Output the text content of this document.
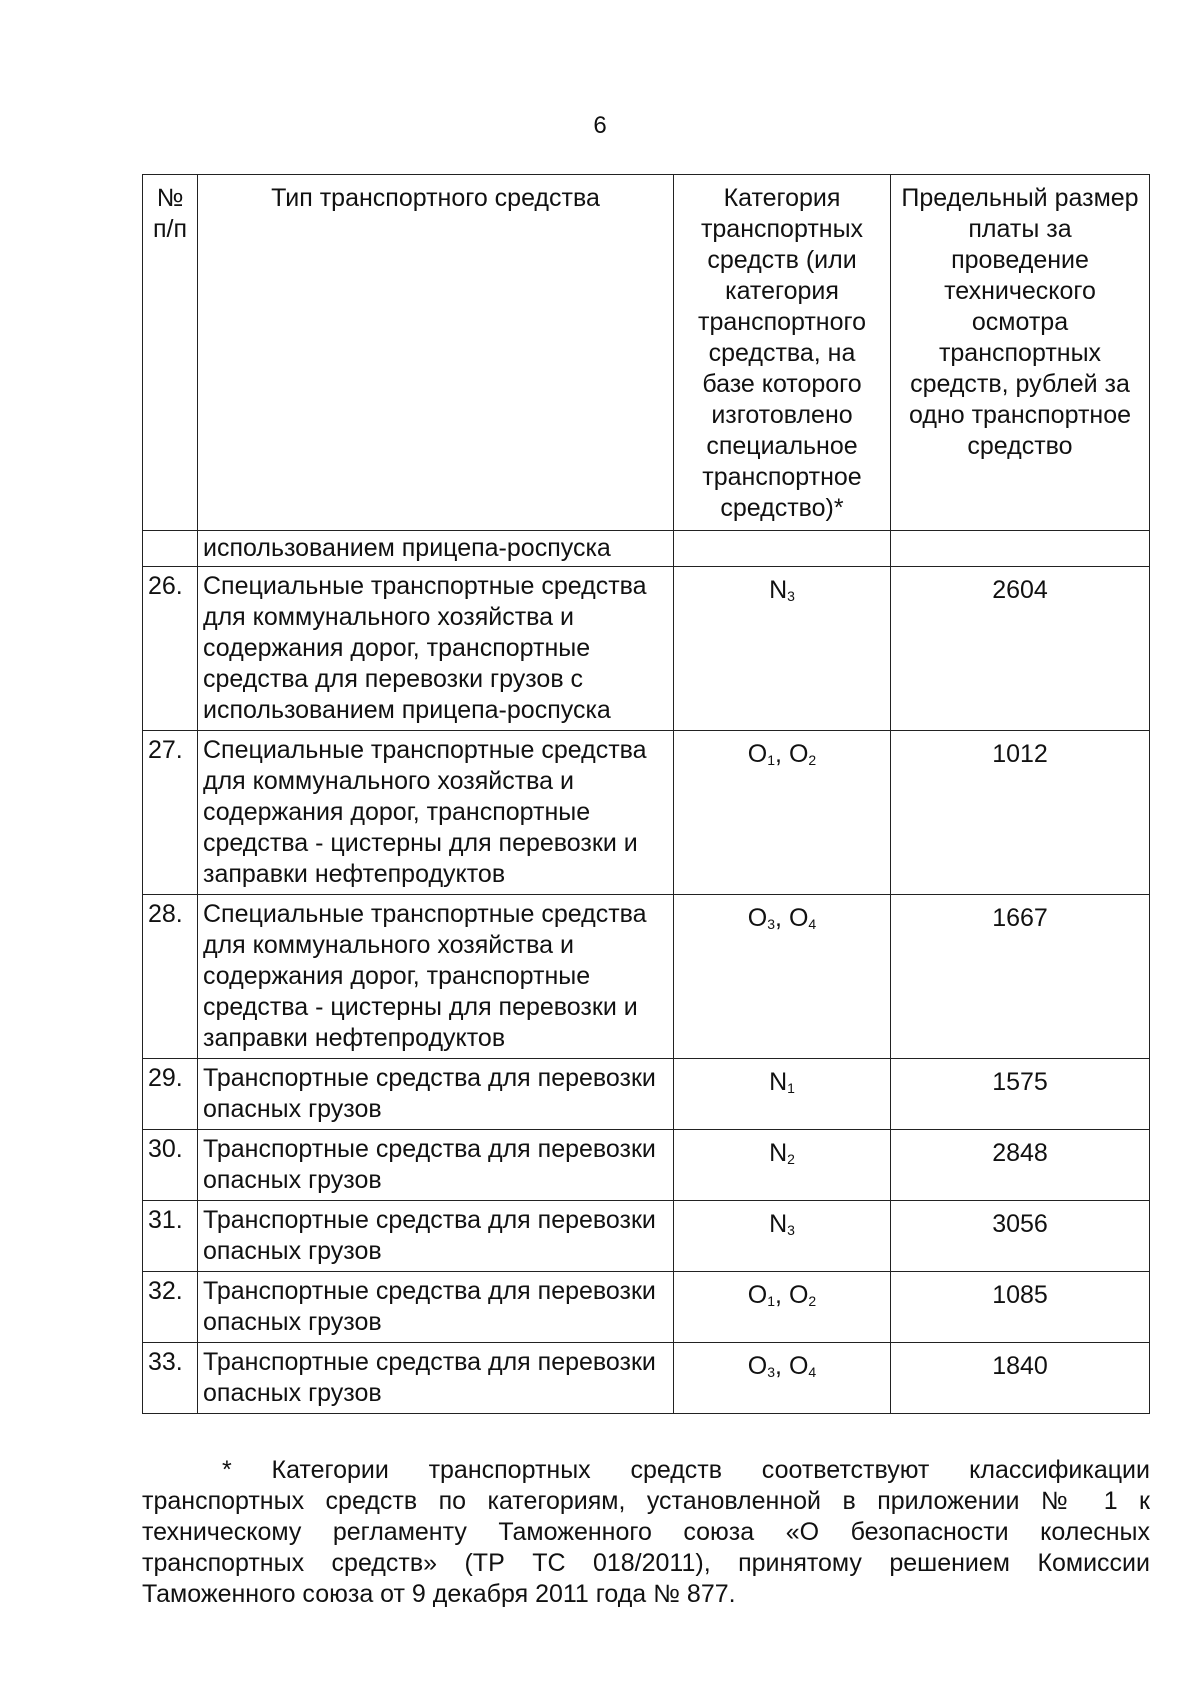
6
№ п/п	Тип транспортного средства	Категория транспортных средств (или категория транспортного средства, на базе которого изготовлено специальное транспортное средство)*	Предельный размер платы за проведение технического осмотра транспортных средств, рублей за одно транспортное средство
	использованием прицепа-роспуска		
26.	Специальные транспортные средства для коммунального хозяйства и содержания дорог, транспортные средства для перевозки грузов с использованием прицепа-роспуска	$N_3$	2604
27.	Специальные транспортные средства для коммунального хозяйства и содержания дорог, транспортные средства - цистерны для перевозки и заправки нефтепродуктов	$O_1$, $O_2$	1012
28.	Специальные транспортные средства для коммунального хозяйства и содержания дорог, транспортные средства - цистерны для перевозки и заправки нефтепродуктов	$O_3$, $O_4$	1667
29.	Транспортные средства для перевозки опасных грузов	$N_1$	1575
30.	Транспортные средства для перевозки опасных грузов	$N_2$	2848
31.	Транспортные средства для перевозки опасных грузов	$N_3$	3056
32.	Транспортные средства для перевозки опасных грузов	$O_1$, $O_2$	1085
33.	Транспортные средства для перевозки опасных грузов	$O_3$, $O_4$	1840

* Категории транспортных средств соответствуют классификации транспортных средств по категориям, установленной в приложении № 1 к техническому регламенту Таможенного союза «О безопасности колесных транспортных средств» (ТР ТС 018/2011), принятому решением Комиссии Таможенного союза от 9 декабря 2011 года № 877.
